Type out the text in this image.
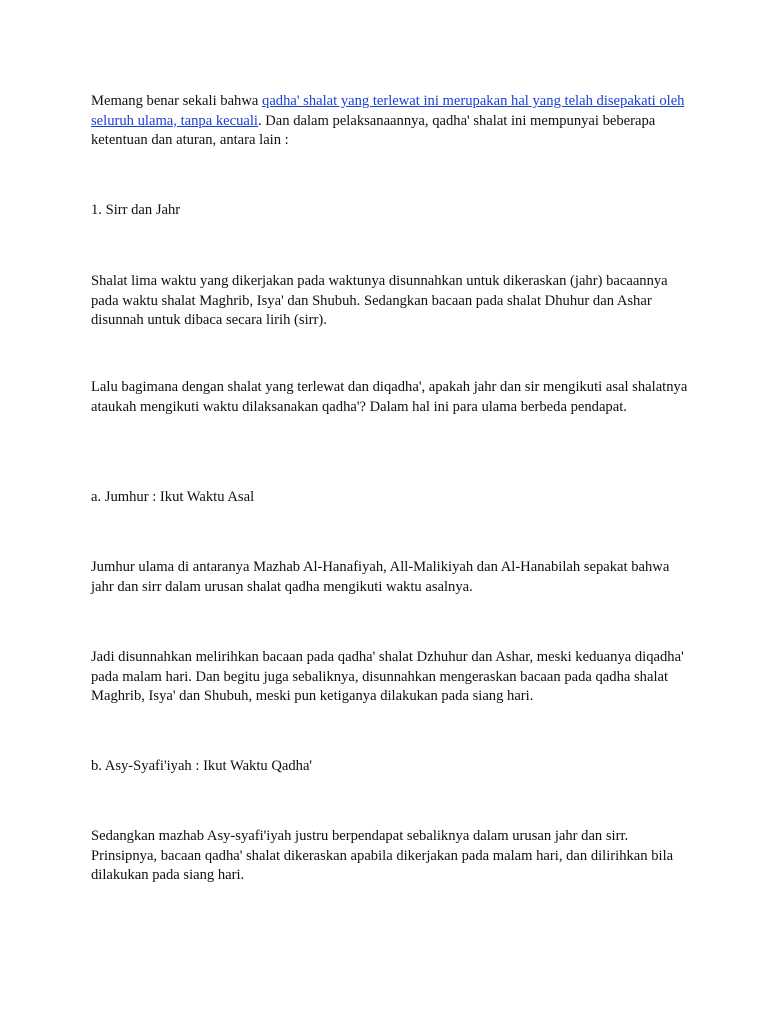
Memang benar sekali bahwa qadha' shalat yang terlewat ini merupakan hal yang telah disepakati oleh seluruh ulama, tanpa kecuali. Dan dalam pelaksanaannya, qadha' shalat ini mempunyai beberapa ketentuan dan aturan, antara lain :

1. Sirr dan Jahr

Shalat lima waktu yang dikerjakan pada waktunya disunnahkan untuk dikeraskan (jahr) bacaannya pada waktu shalat Maghrib, Isya' dan Shubuh. Sedangkan bacaan pada shalat Dhuhur dan Ashar disunnah untuk dibaca secara lirih (sirr).

Lalu bagimana dengan shalat yang terlewat dan diqadha', apakah jahr dan sir mengikuti asal shalatnya ataukah mengikuti waktu dilaksanakan qadha'? Dalam hal ini para ulama berbeda pendapat.

a. Jumhur : Ikut Waktu Asal

Jumhur ulama di antaranya Mazhab Al-Hanafiyah, All-Malikiyah dan Al-Hanabilah sepakat bahwa jahr dan sirr dalam urusan shalat qadha mengikuti waktu asalnya.

Jadi disunnahkan melirihkan bacaan pada qadha' shalat Dzhuhur dan Ashar, meski keduanya diqadha' pada malam hari. Dan begitu juga sebaliknya, disunnahkan mengeraskan bacaan pada qadha shalat Maghrib, Isya' dan Shubuh, meski pun ketiganya dilakukan pada siang hari.

b. Asy-Syafi'iyah : Ikut Waktu Qadha'

Sedangkan mazhab Asy-syafi'iyah justru berpendapat sebaliknya dalam urusan jahr dan sirr. Prinsipnya, bacaan qadha' shalat dikeraskan apabila dikerjakan pada malam hari, dan dilirihkan bila dilakukan pada siang hari.
